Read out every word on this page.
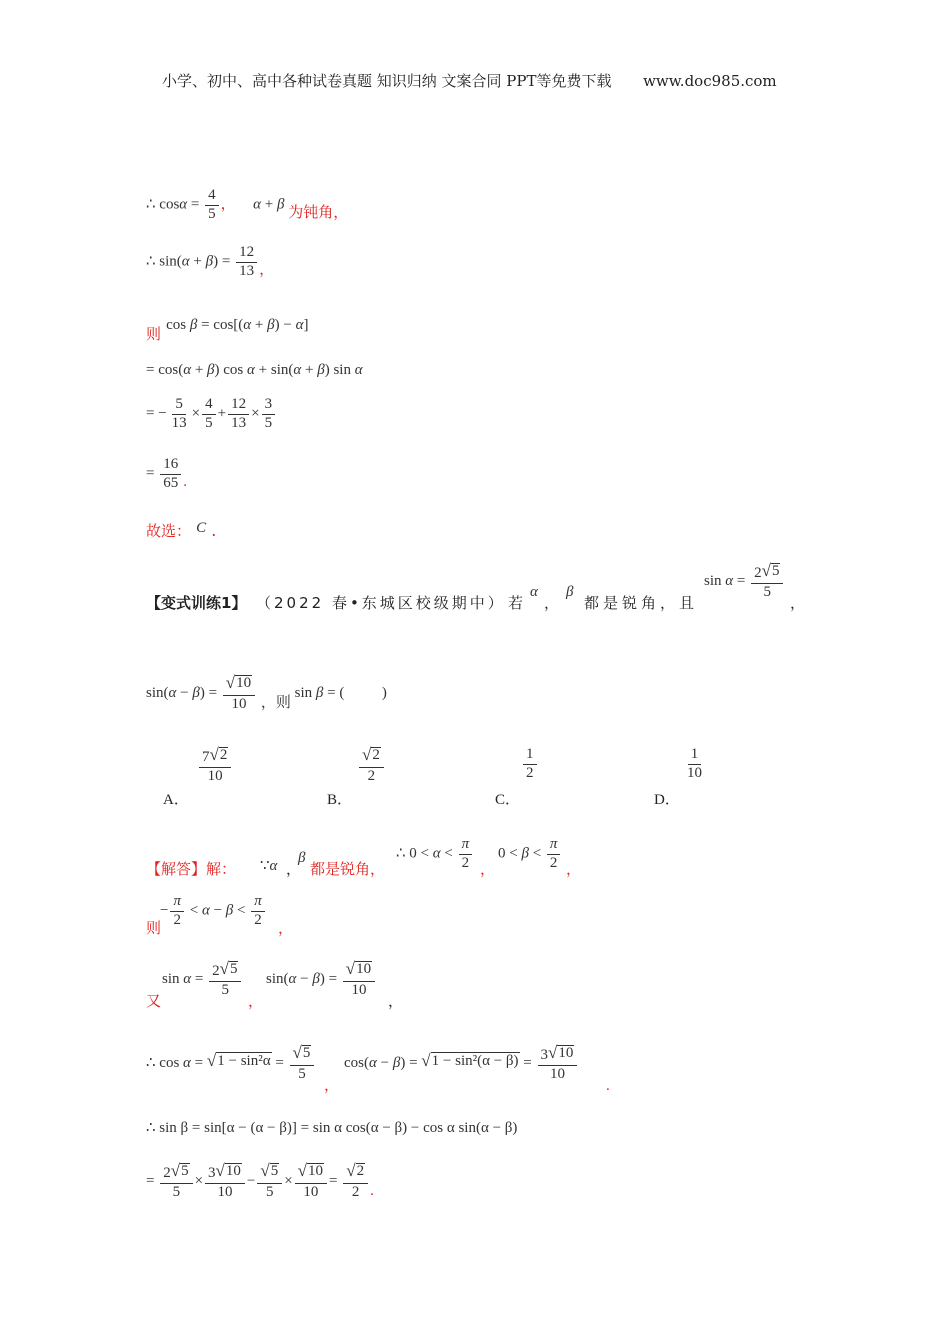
小学、初中、高中各种试卷真题 知识归纳 文案合同 PPT等免费下载 www.doc985.com
∴ $\cos\alpha = \frac{4}{5}$ ， α + β 为钝角，
∴ $\sin(\alpha + \beta) = \frac{12}{13}$ ，
则 cos β = cos[(α + β) − α]
= cos(α + β) cos α + sin(α + β) sin α
= − $\frac{5}{13} \times \frac{4}{5} + \frac{12}{13} \times \frac{3}{5}$
= $\frac{16}{65}$ .
故选： C .
【变式训练1】 （2022 春•东城区校级期中） 若
α
，
β
都是锐角，且
$\sin \alpha = \frac{2 √ 5}{5}$
，
$\sin(\alpha - \beta) = \frac{√ 10}{10}$ ，则 sin β = (          )
$\frac{7 √ 2}{10}$
A．
$\frac{√ 2}{2}$
B．
$\frac{1}{2}$
C．
$\frac{1}{10}$
D．
【解答】解： ∵α ，
β
都是锐角，
∴ $0 < \alpha < \frac{\pi}{2}$ ，
$0 < \beta < \frac{\pi}{2}$ ，
则
− $\frac{\pi}{2} < \alpha - \beta < \frac{\pi}{2}$ ，
又
$\sin \alpha = \frac{2 √ 5}{5}$
，
$\sin(\alpha - \beta) = \frac{√ 10}{10}$
，
∴ cos α = √ $1 - \sin^2\alpha = \frac{√ 5}{5}$
，
cos(α − β) = √ $1 - \sin^2(\alpha - \beta) = \frac{3 √ 10}{10}$
.
∴ sin β = sin[α − (α − β)] = sin α cos(α − β) − cos α sin(α − β)
= $\frac{2 √ 5}{5} \times \frac{3 √ 10}{10} - \frac{√ 5}{5} \times \frac{√ 10}{10} = \frac{√ 2}{2}$ .
